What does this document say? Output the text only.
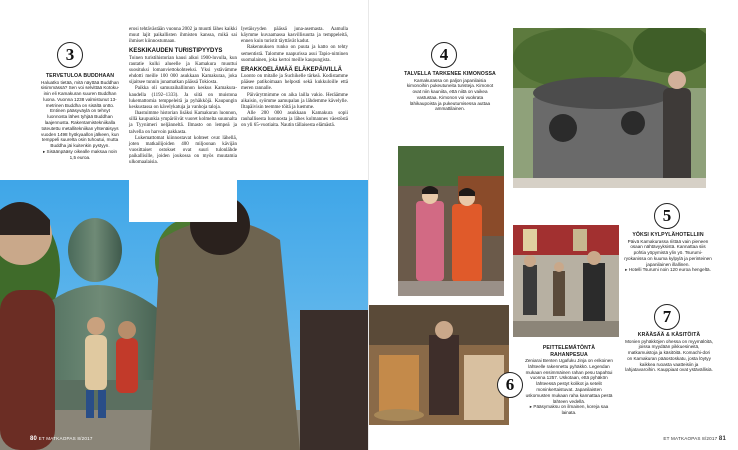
3
TERVETULOA BUDDHAAN
Haluatko tietää, mitä näyttää Buddhan sisimmässä? Sen voi selvittää Kotoku-inin eli Kamakuran suuren Buddhan luona. Vuonna 1238 valmistunut 13-metrinen Buddha on sisältä ontto. Entinen pääsyväylä on tehnyt luonnosta lähes tyhjää Buddhan laajennusta. Rakentamistekniikalla toteutettu metallitekniikan yhtenäisyys vuoden 1498 hyökyaallon jälkeen, kun temppeli suurelta osin tuhoutui, mutta Buddha jäi kuitenkin pystyyn.
▸ Sisäänpääsy oikealle maksaa noin 1,5 euroa.

erosi tehtävästään vuonna 2002 ja muutti lähes kaikki muut lajit paikallisten ihmisten kanssa, mikä sai ihmiset kiinnostumaan.

KESKIKAUDEN TURISTIPYYDYS

Toinen turistihistorian kausi alkoi 1900-luvulla, kun rautatie kulki alueelle ja Kamakura muuttui suosituksi lomanviettokohteeksi. Yksi ystävämme ehdotti meille 100 000 asukkaan Kamakuraa, joka sijaitsee tunnin junamatkan päässä Tokiosta.

Paikka oli samuraihallinnon keskus Kamakura-kaudella (1192–1333). Ja siitä on muistona lukemattomia temppeleitä ja pyhäkköjä. Kaupungin keskustassa on kävelykatuja ja vanhoja taloja.

Ihastuimme historian lisäksi Kamakuran luonnon, sillä kaupunkia ympäröivät vuoret kolmelta suunnalta ja Tyynimeri neljänneltä. Ilmasto on lempeä ja talvella on harvoin pakkasta.

Lukemattomat kiinnostavat kohteet ovat lähellä, joten matkailijoiden 400 miljoonan kävijän vuosittaiset ostokset ovat suuri tulonlähde paikallisille, joiden joukossa on myös muutamia ulkomaalaisia.

Iyetäisyyden päässä juna-asemasta. Aamulla käymme kuvaamassa kasvillisuutta ja temppeleitä, ennen kuin turistit täyttävät kadut.

Rakennuksen runko on puuta ja katto on tehty sementistä. Talomme naapurissa asui Tapio-niminen suomalainen, joka kertoi meille kaupungista.

ERAKKOELÄMÄÄ ELÄKEPÄIVILLÄ

Luonto on mitalle ja Suchikelle tärkeä. Kodistamme pääsee patikoimaan helposti sekä kukkuloille että meren rannalle.

Päivärytmimme on aika lailla vakio. Heräämme aikaisin, syömme aamupalan ja lähdemme kävelylle. Iltapäivisin teemme töitä ja luemme.

Alle 200 000 asukkaan Kamakura sopii rauhallisesta luonnosta ja lähes kolmannes väestöstä on yli 65-vuotiaita. Nautin tällaisesta elämästä.

80 ET MATKAOPAS 8/2017
4
TALVELLA TARKENEE KIMONOSSA
Kamakurassa on paljon japanilaisia kimonoihin pukeutuneita turisteja. Kimonot ovat niin kauniita, että niitä on vaikea vastustaa. Kimonon voi vuokrata lähikaupoista ja pukeutumisessa auttaa ammattilainen.
5
YÖKSI KYLPYLÄHOTELLIIN
Päivä Kamakurassa riittää vain pieneen osaan nähtävyyksistä. Kannattaa siis pohtia yöpymistä ylin yö. Tsurumi-ryokanissa on kuuma kylpylä ja perinteinen japanilainen illallinen.
▸ Hotelli Tsurumi noin 120 euroa hengeltä.
7
KRÄÄSÄÄ & KÄSITÖITÄ
Monien pyhäkköjen ohessa on myymälöitä, joissa myydään pikkuesineitä, matkamuistoja ja käsitöitä. Komachi-dori on Kamakuran pääostoskatu, josta löytyy kaikkea ruoasta vaatteisiin ja lahjatavaroihin. Kauppiaat ovat ystävällisiä.
6
PEITTELEMÄTÖNTÄ RAHANPESUA
Zeniarai Benten Ugafuku Jinja on erikoinen lähteelle rakennettu pyhäkkö. Legendan mukaan ensimmäinen rahan pesu tapahtui vuonna 1257. Uskotaan, että pyhäkön lähteessä pestyt kolikot ja setelit moninkertaistuvat. Japanilaisten uskomusten mukaan raha kannattaa pestä lähteen vedellä.
▸ Pääsymaksu on ilmainen, koreja saa lainata.
ET MATKAOPAS 8/2017 81
